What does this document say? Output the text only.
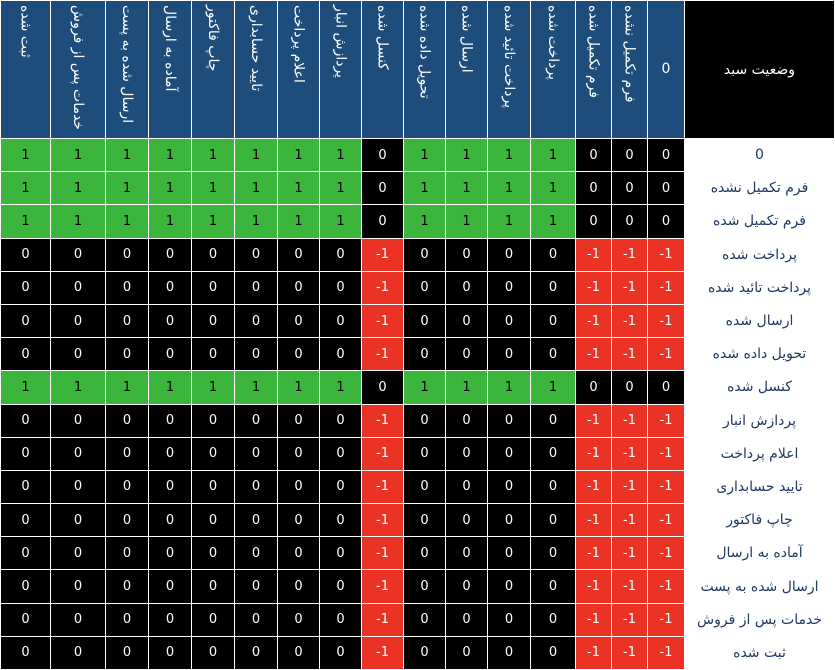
ثبت شده	خدمات پس از فروش	ارسال شده به پست	آماده به ارسال	چاپ فاکتور	تایید حسابداری	اعلام پرداخت	پردازش انبار	کنسل شده	تحویل داده شده	ارسال شده	پرداخت تائید شده	پرداخت شده	فرم تکمیل شده	فرم تکمیل نشده	0	وضعیت سبد
1	1	1	1	1	1	1	1	0	1	1	1	1	0	0	0	0
1	1	1	1	1	1	1	1	0	1	1	1	1	0	0	0	فرم تکمیل نشده
1	1	1	1	1	1	1	1	0	1	1	1	1	0	0	0	فرم تکمیل شده
0	0	0	0	0	0	0	0	-1	0	0	0	0	-1	-1	-1	پرداخت شده
0	0	0	0	0	0	0	0	-1	0	0	0	0	-1	-1	-1	پرداخت تائید شده
0	0	0	0	0	0	0	0	-1	0	0	0	0	-1	-1	-1	ارسال شده
0	0	0	0	0	0	0	0	-1	0	0	0	0	-1	-1	-1	تحویل داده شده
1	1	1	1	1	1	1	1	0	1	1	1	1	0	0	0	کنسل شده
0	0	0	0	0	0	0	0	-1	0	0	0	0	-1	-1	-1	پردازش انبار
0	0	0	0	0	0	0	0	-1	0	0	0	0	-1	-1	-1	اعلام پرداخت
0	0	0	0	0	0	0	0	-1	0	0	0	0	-1	-1	-1	تایید حسابداری
0	0	0	0	0	0	0	0	-1	0	0	0	0	-1	-1	-1	چاپ فاکتور
0	0	0	0	0	0	0	0	-1	0	0	0	0	-1	-1	-1	آماده به ارسال
0	0	0	0	0	0	0	0	-1	0	0	0	0	-1	-1	-1	ارسال شده به پست
0	0	0	0	0	0	0	0	-1	0	0	0	0	-1	-1	-1	خدمات پس از فروش
0	0	0	0	0	0	0	0	-1	0	0	0	0	-1	-1	-1	ثبت شده
